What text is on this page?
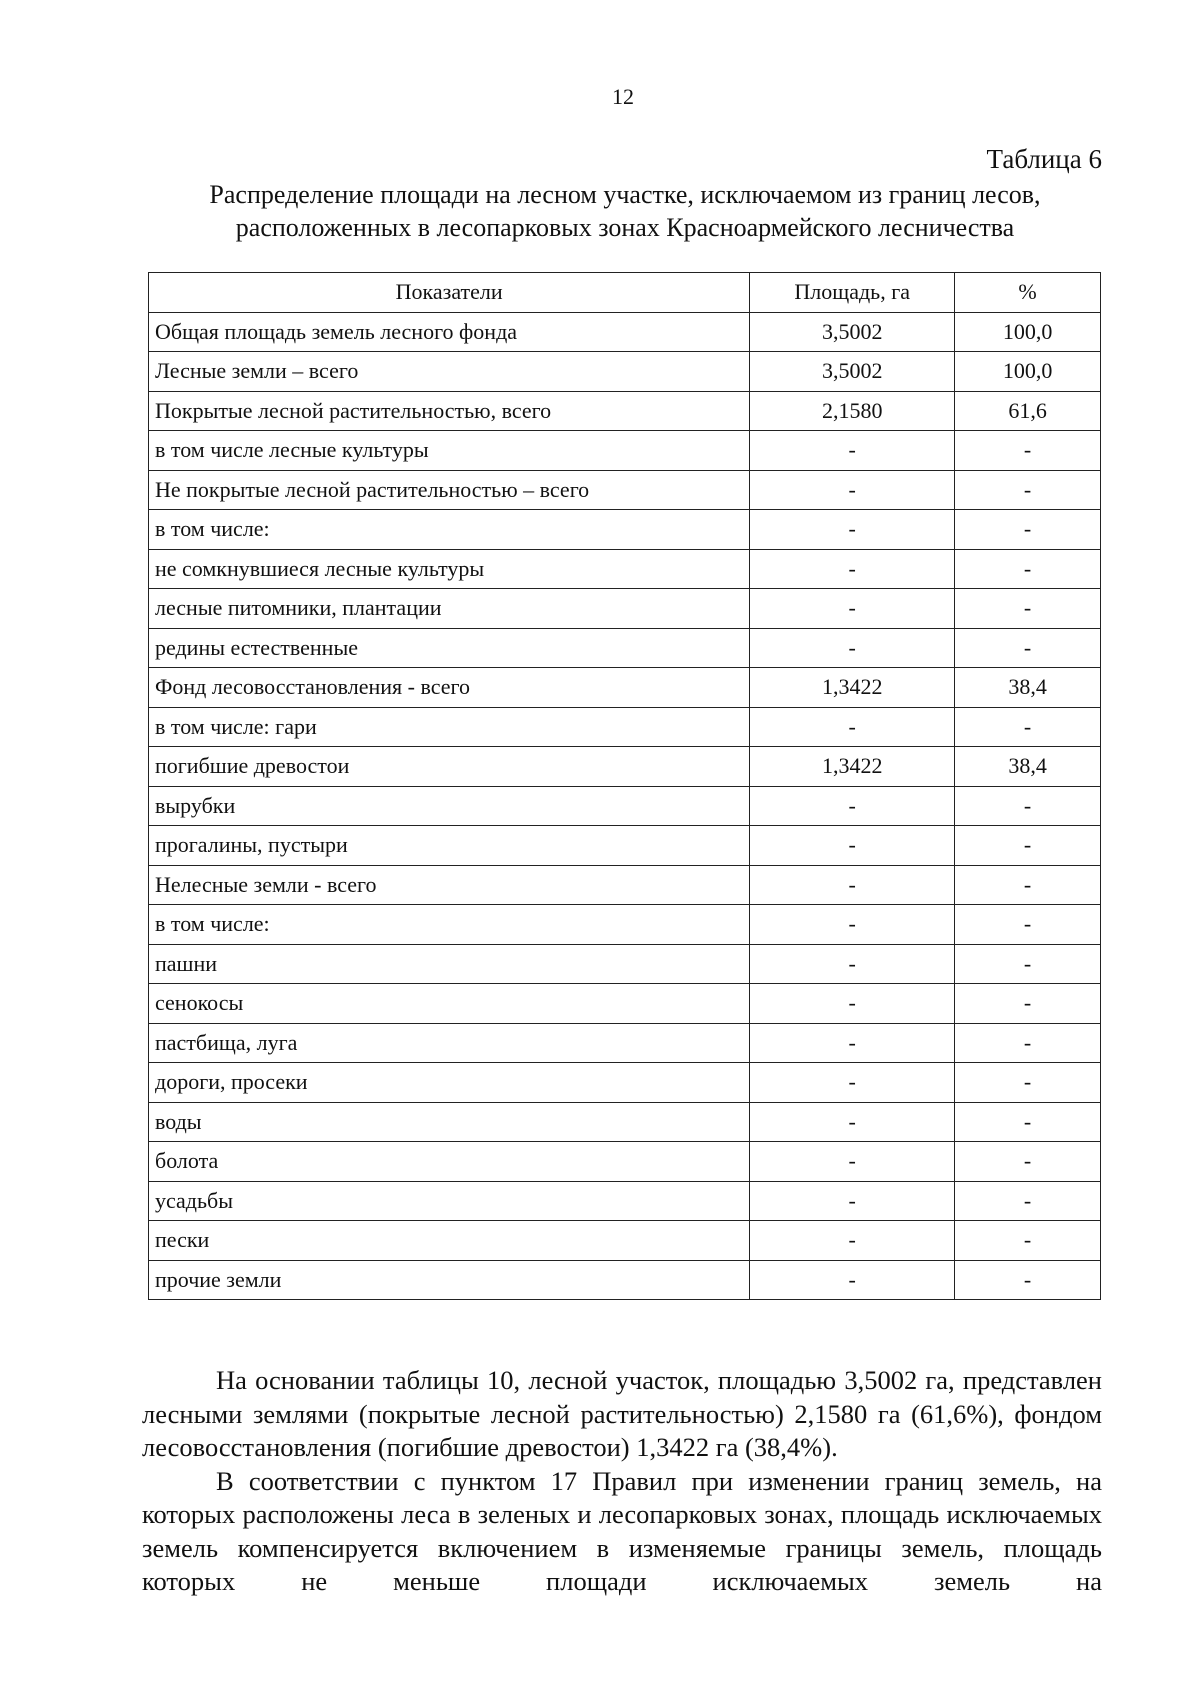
12
Таблица 6
Распределение площади на лесном участке, исключаемом из границ лесов,
расположенных в лесопарковых зонах Красноармейского лесничества
Показатели	Площадь, га	%
Общая площадь земель лесного фонда	3,5002	100,0
Лесные земли – всего	3,5002	100,0
Покрытые лесной растительностью, всего	2,1580	61,6
в том числе лесные культуры	-	-
Не покрытые лесной растительностью – всего	-	-
в том числе:	-	-
не сомкнувшиеся лесные культуры	-	-
лесные питомники, плантации	-	-
редины естественные	-	-
Фонд лесовосстановления - всего	1,3422	38,4
в том числе: гари	-	-
погибшие древостои	1,3422	38,4
вырубки	-	-
прогалины, пустыри	-	-
Нелесные земли - всего	-	-
в том числе:	-	-
пашни	-	-
сенокосы	-	-
пастбища, луга	-	-
дороги, просеки	-	-
воды	-	-
болота	-	-
усадьбы	-	-
пески	-	-
прочие земли	-	-

На основании таблицы 10, лесной участок, площадью 3,5002 га, представлен лесными землями (покрытые лесной растительностью) 2,1580 га (61,6%), фондом лесовосстановления (погибшие древостои) 1,3422 га (38,4%).

В соответствии с пунктом 17 Правил при изменении границ земель, на которых расположены леса в зеленых и лесопарковых зонах, площадь исключаемых земель компенсируется включением в изменяемые границы земель, площадь которых не меньше площади исключаемых земель на
